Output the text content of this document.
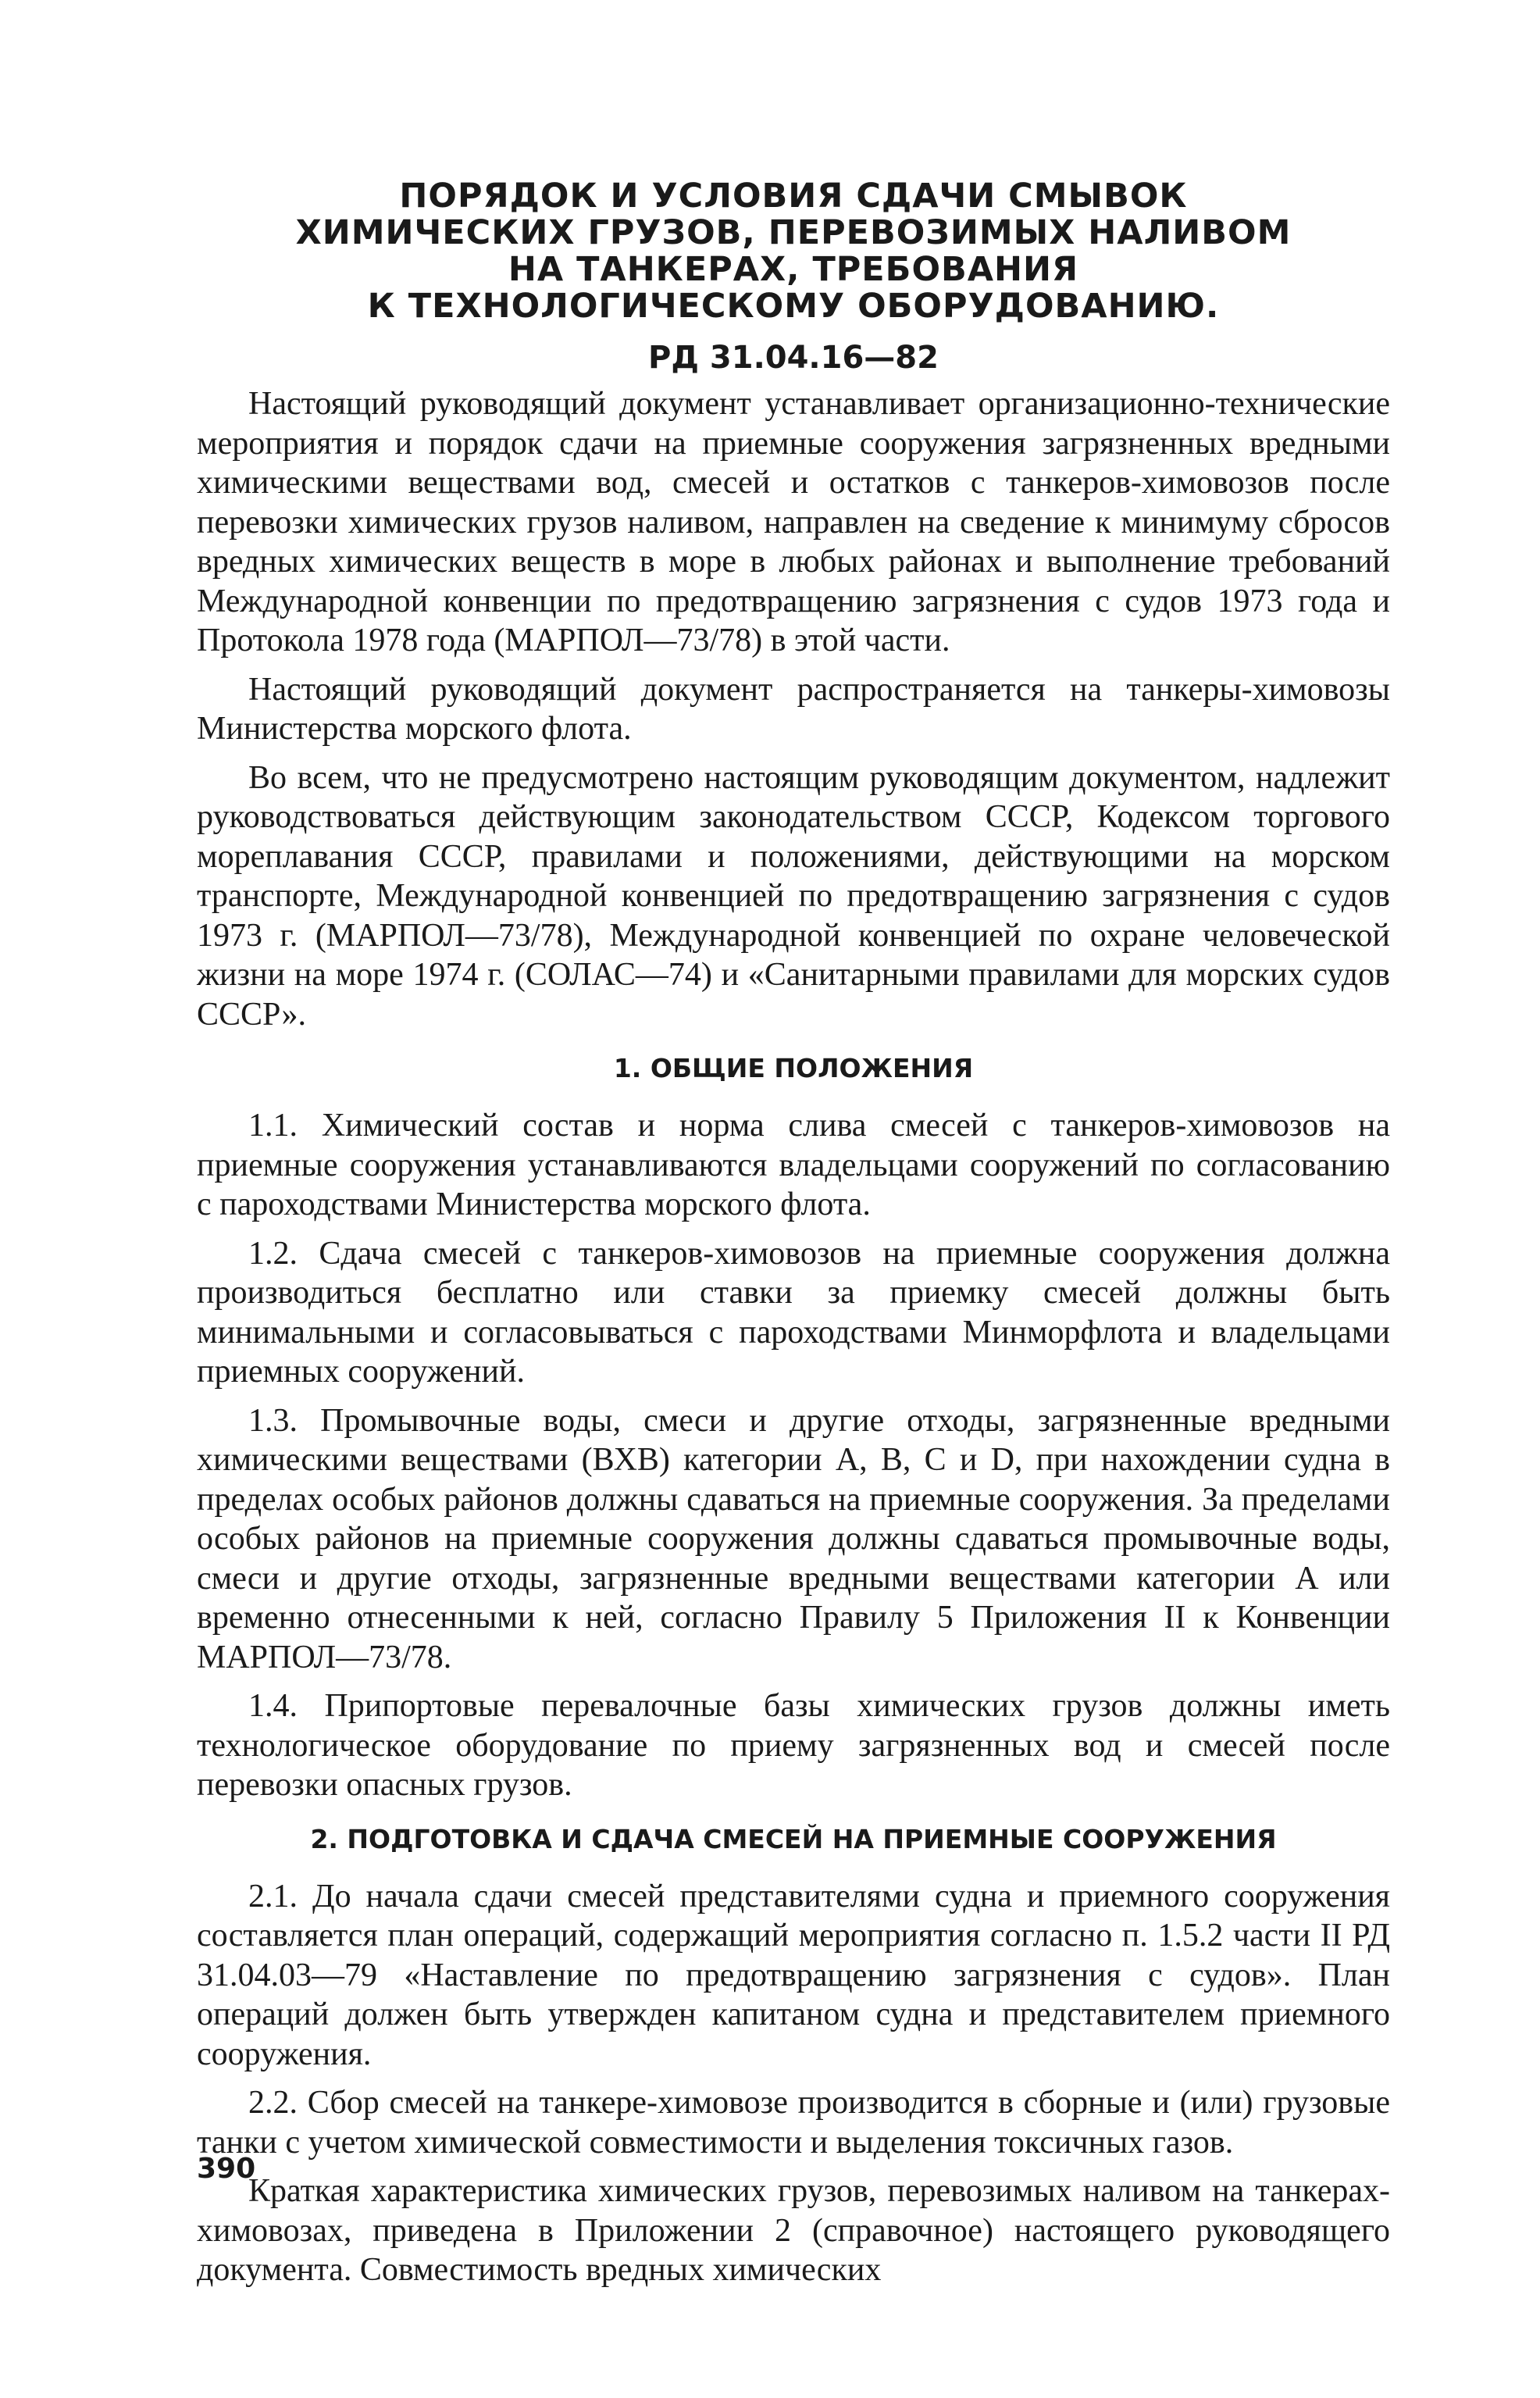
ПОРЯДОК И УСЛОВИЯ СДАЧИ СМЫВОК
ХИМИЧЕСКИХ ГРУЗОВ, ПЕРЕВОЗИМЫХ НАЛИВОМ
НА ТАНКЕРАХ, ТРЕБОВАНИЯ
К ТЕХНОЛОГИЧЕСКОМУ ОБОРУДОВАНИЮ.
РД 31.04.16—82

Настоящий руководящий документ устанавливает организационно-технические мероприятия и порядок сдачи на приемные сооружения загрязненных вредными химическими веществами вод, смесей и остатков с танкеров-химовозов после перевозки химических грузов наливом, направлен на сведение к минимуму сбросов вредных химических веществ в море в любых районах и выполнение требований Международной конвенции по предотвращению загрязнения с судов 1973 года и Протокола 1978 года (МАРПОЛ—73/78) в этой части.

Настоящий руководящий документ распространяется на танкеры-химовозы Министерства морского флота.

Во всем, что не предусмотрено настоящим руководящим документом, надлежит руководствоваться действующим законодательством СССР, Кодексом торгового мореплавания СССР, правилами и положениями, действующими на морском транспорте, Международной конвенцией по предотвращению загрязнения с судов 1973 г. (МАРПОЛ—73/78), Международной конвенцией по охране человеческой жизни на море 1974 г. (СОЛАС—74) и «Санитарными правилами для морских судов СССР».

1. ОБЩИЕ ПОЛОЖЕНИЯ

1.1. Химический состав и норма слива смесей с танкеров-химовозов на приемные сооружения устанавливаются владельцами сооружений по согласованию с пароходствами Министерства морского флота.

1.2. Сдача смесей с танкеров-химовозов на приемные сооружения должна производиться бесплатно или ставки за приемку смесей должны быть минимальными и согласовываться с пароходствами Минморфлота и владельцами приемных сооружений.

1.3. Промывочные воды, смеси и другие отходы, загрязненные вредными химическими веществами (ВХВ) категории А, В, С и D, при нахождении судна в пределах особых районов должны сдаваться на приемные сооружения. За пределами особых районов на приемные сооружения должны сдаваться промывочные воды, смеси и другие отходы, загрязненные вредными веществами категории А или временно отнесенными к ней, согласно Правилу 5 Приложения II к Конвенции МАРПОЛ—73/78.

1.4. Припортовые перевалочные базы химических грузов должны иметь технологическое оборудование по приему загрязненных вод и смесей после перевозки опасных грузов.

2. ПОДГОТОВКА И СДАЧА СМЕСЕЙ НА ПРИЕМНЫЕ СООРУЖЕНИЯ

2.1. До начала сдачи смесей представителями судна и приемного сооружения составляется план операций, содержащий мероприятия согласно п. 1.5.2 части II РД 31.04.03—79 «Наставление по предотвращению загрязнения с судов». План операций должен быть утвержден капитаном судна и представителем приемного сооружения.

2.2. Сбор смесей на танкере-химовозе производится в сборные и (или) грузовые танки с учетом химической совместимости и выделения токсичных газов.

Краткая характеристика химических грузов, перевозимых наливом на танкерах-химовозах, приведена в Приложении 2 (справочное) настоящего руководящего документа. Совместимость вредных химических

390
